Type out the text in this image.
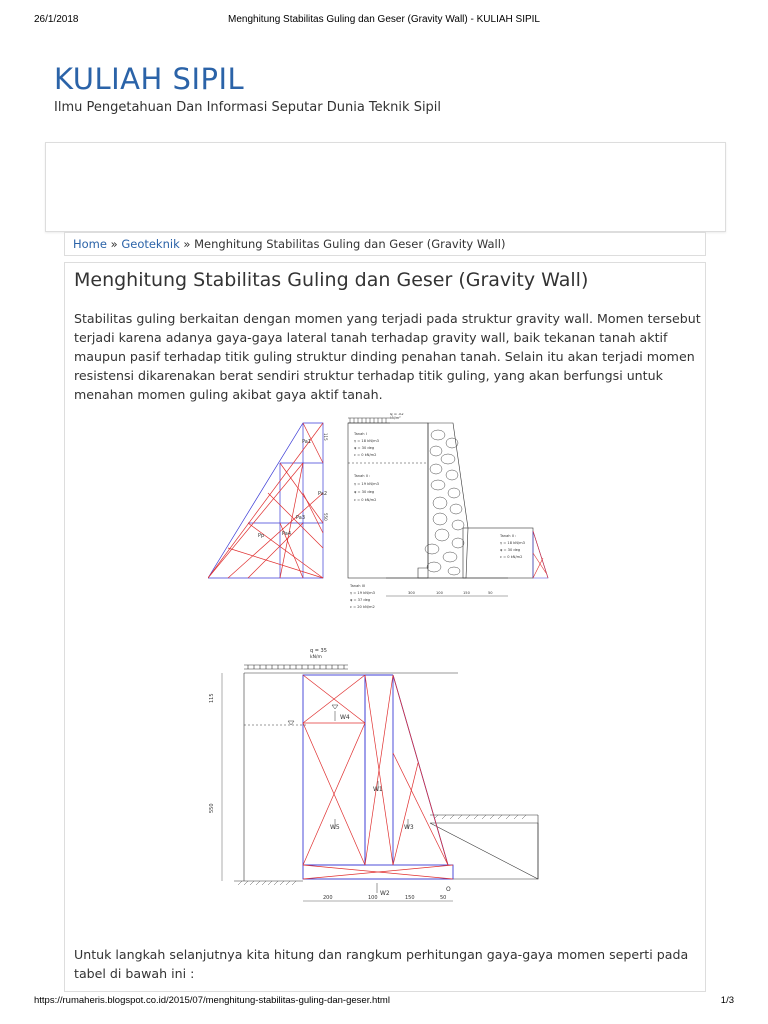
26/1/2018	Menghitung Stabilitas Guling dan Geser (Gravity Wall) - KULIAH SIPIL
KULIAH SIPIL
Ilmu Pengetahuan Dan Informasi Seputar Dunia Teknik Sipil
Home » Geoteknik » Menghitung Stabilitas Guling dan Geser (Gravity Wall)
Menghitung Stabilitas Guling dan Geser (Gravity Wall)

Stabilitas guling berkaitan dengan momen yang terjadi pada struktur gravity wall. Momen tersebut terjadi karena adanya gaya-gaya lateral tanah terhadap gravity wall, baik tekanan tanah aktif maupun pasif terhadap titik guling struktur dinding penahan tanah. Selain itu akan terjadi momen resistensi dikarenakan berat sendiri struktur terhadap titik guling, yang akan berfungsi untuk menahan momen guling akibat gaya aktif tanah.

Pa1
Pa2
Pa3
Pa4
Pp
115
550
q = 35
kN/m²
Tanah I
γ = 18 kN/m3
φ = 30 deg
c = 0 kN/m2
Tanah II :
γ = 19 kN/m3
φ = 30 deg
c = 0 kN/m2
Tanah II :
γ = 18 kN/m3
φ = 30 deg
c = 0 kN/m2
Tanah III
γ = 19 kN/m3
φ = 37 deg
c = 20 kN/m2
300	100	150	50
q = 35
kN/m
115
550
200	100	150	50
W4
W1
W5	W3
W2
O

Untuk langkah selanjutnya kita hitung dan rangkum perhitungan gaya-gaya momen seperti pada tabel di bawah ini :

https://rumaheris.blogspot.co.id/2015/07/menghitung-stabilitas-guling-dan-geser.html	1/3
